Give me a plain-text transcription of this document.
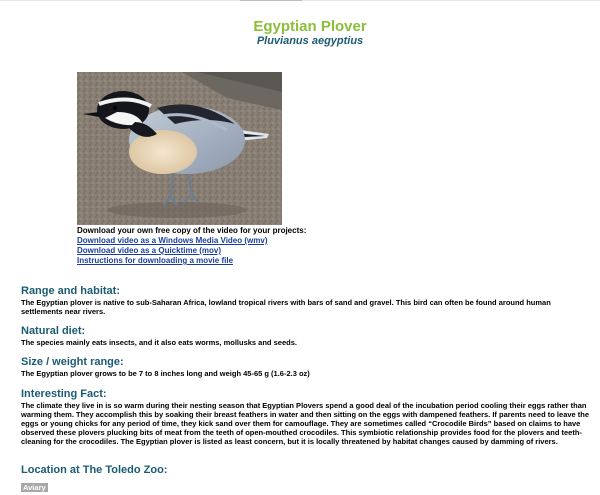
Egyptian Plover
Pluvianus aegyptius
Download your own free copy of the video for your projects:
Download video as a Windows Media Video (wmv)
Download video as a Quicktime (mov)
Instructions for downloading a movie file
Range and habitat:

The Egyptian plover is native to sub-Saharan Africa, lowland tropical rivers with bars of sand and gravel. This bird can often be found around human settlements near rivers.

Natural diet:

The species mainly eats insects, and it also eats worms, mollusks and seeds.

Size / weight range:

The Egyptian plover grows to be 7 to 8 inches long and weigh 45-65 g (1.6-2.3 oz)

Interesting Fact:

The climate they live in is so warm during their nesting season that Egyptian Plovers spend a good deal of the incubation period cooling their eggs rather than warming them. They accomplish this by soaking their breast feathers in water and then sitting on the eggs with dampened feathers. If parents need to leave the eggs or young chicks for any period of time, they kick sand over them for camouflage. They are sometimes called “Crocodile Birds” based on claims to have observed these plovers plucking bits of meat from the teeth of open-mouthed crocodiles. This symbiotic relationship provides food for the plovers and teeth-cleaning for the crocodiles. The Egyptian plover is listed as least concern, but it is locally threatened by habitat changes caused by damming of rivers.

Location at The Toledo Zoo:
Aviary
